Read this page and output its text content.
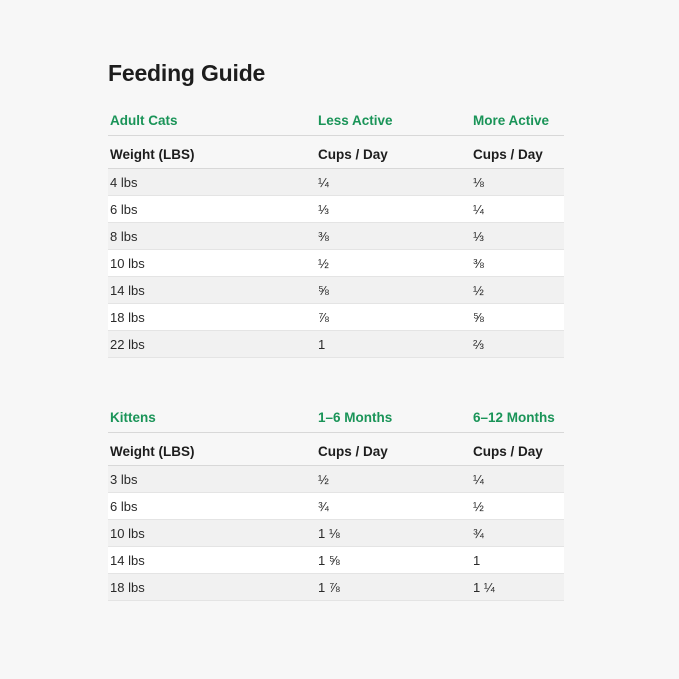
Feeding Guide
Adult Cats	Less Active	More Active
Weight (LBS)	Cups / Day	Cups / Day
4 lbs	¼	⅛
6 lbs	⅓	¼
8 lbs	⅜	⅓
10 lbs	½	⅜
14 lbs	⅝	½
18 lbs	⅞	⅝
22 lbs	1	⅔
Kittens	1–6 Months	6–12 Months
Weight (LBS)	Cups / Day	Cups / Day
3 lbs	½	¼
6 lbs	¾	½
10 lbs	1 ⅛	¾
14 lbs	1 ⅝	1
18 lbs	1 ⅞	1 ¼
